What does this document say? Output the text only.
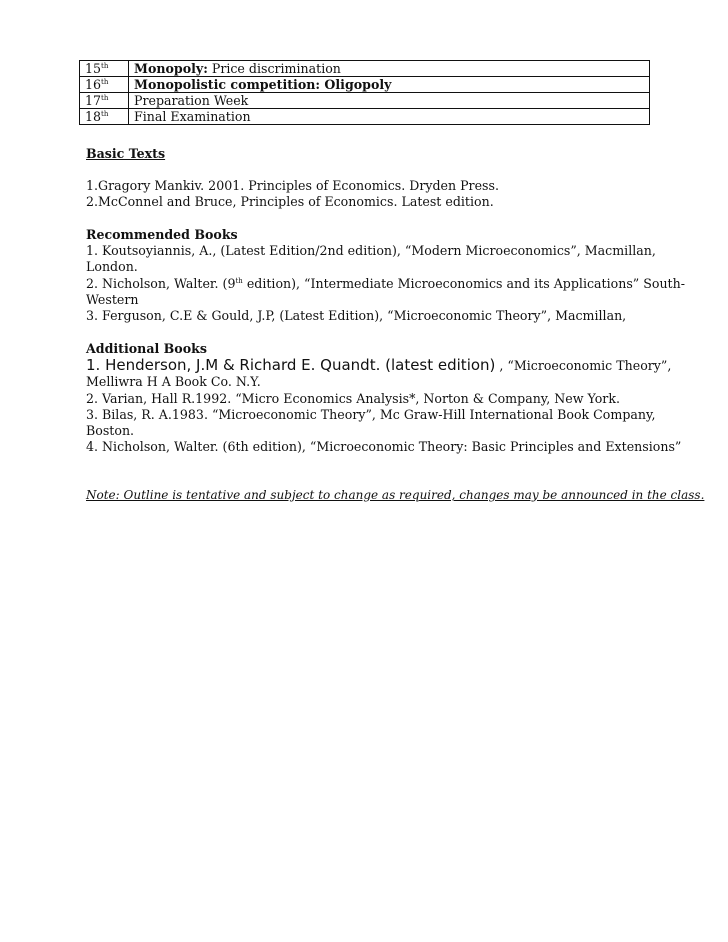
15th	Monopoly: Price discrimination
16th	Monopolistic competition: Oligopoly
17th	Preparation Week
18th	Final Examination
Basic Texts
1.Gragory Mankiv. 2001. Principles of Economics. Dryden Press.
2.McConnel and Bruce, Principles of Economics. Latest edition.
Recommended Books
1. Koutsoyiannis, A., (Latest Edition/2nd edition), “Modern Microeconomics”, Macmillan,
London.
2. Nicholson, Walter. (9th edition), “Intermediate Microeconomics and its Applications” South-
Western
3. Ferguson, C.E & Gould, J.P, (Latest Edition), “Microeconomic Theory”, Macmillan,
Additional Books
1. Henderson, J.M & Richard E. Quandt. (latest edition) , “Microeconomic Theory”,
Melliwra H A Book Co. N.Y.
2. Varian, Hall R.1992. “Micro Economics Analysis*, Norton & Company, New York.
3. Bilas, R. A.1983. “Microeconomic Theory”, Mc Graw-Hill International Book Company,
Boston.
4. Nicholson, Walter. (6th edition), “Microeconomic Theory: Basic Principles and Extensions”
Note: Outline is tentative and subject to change as required, changes may be announced in the class.
